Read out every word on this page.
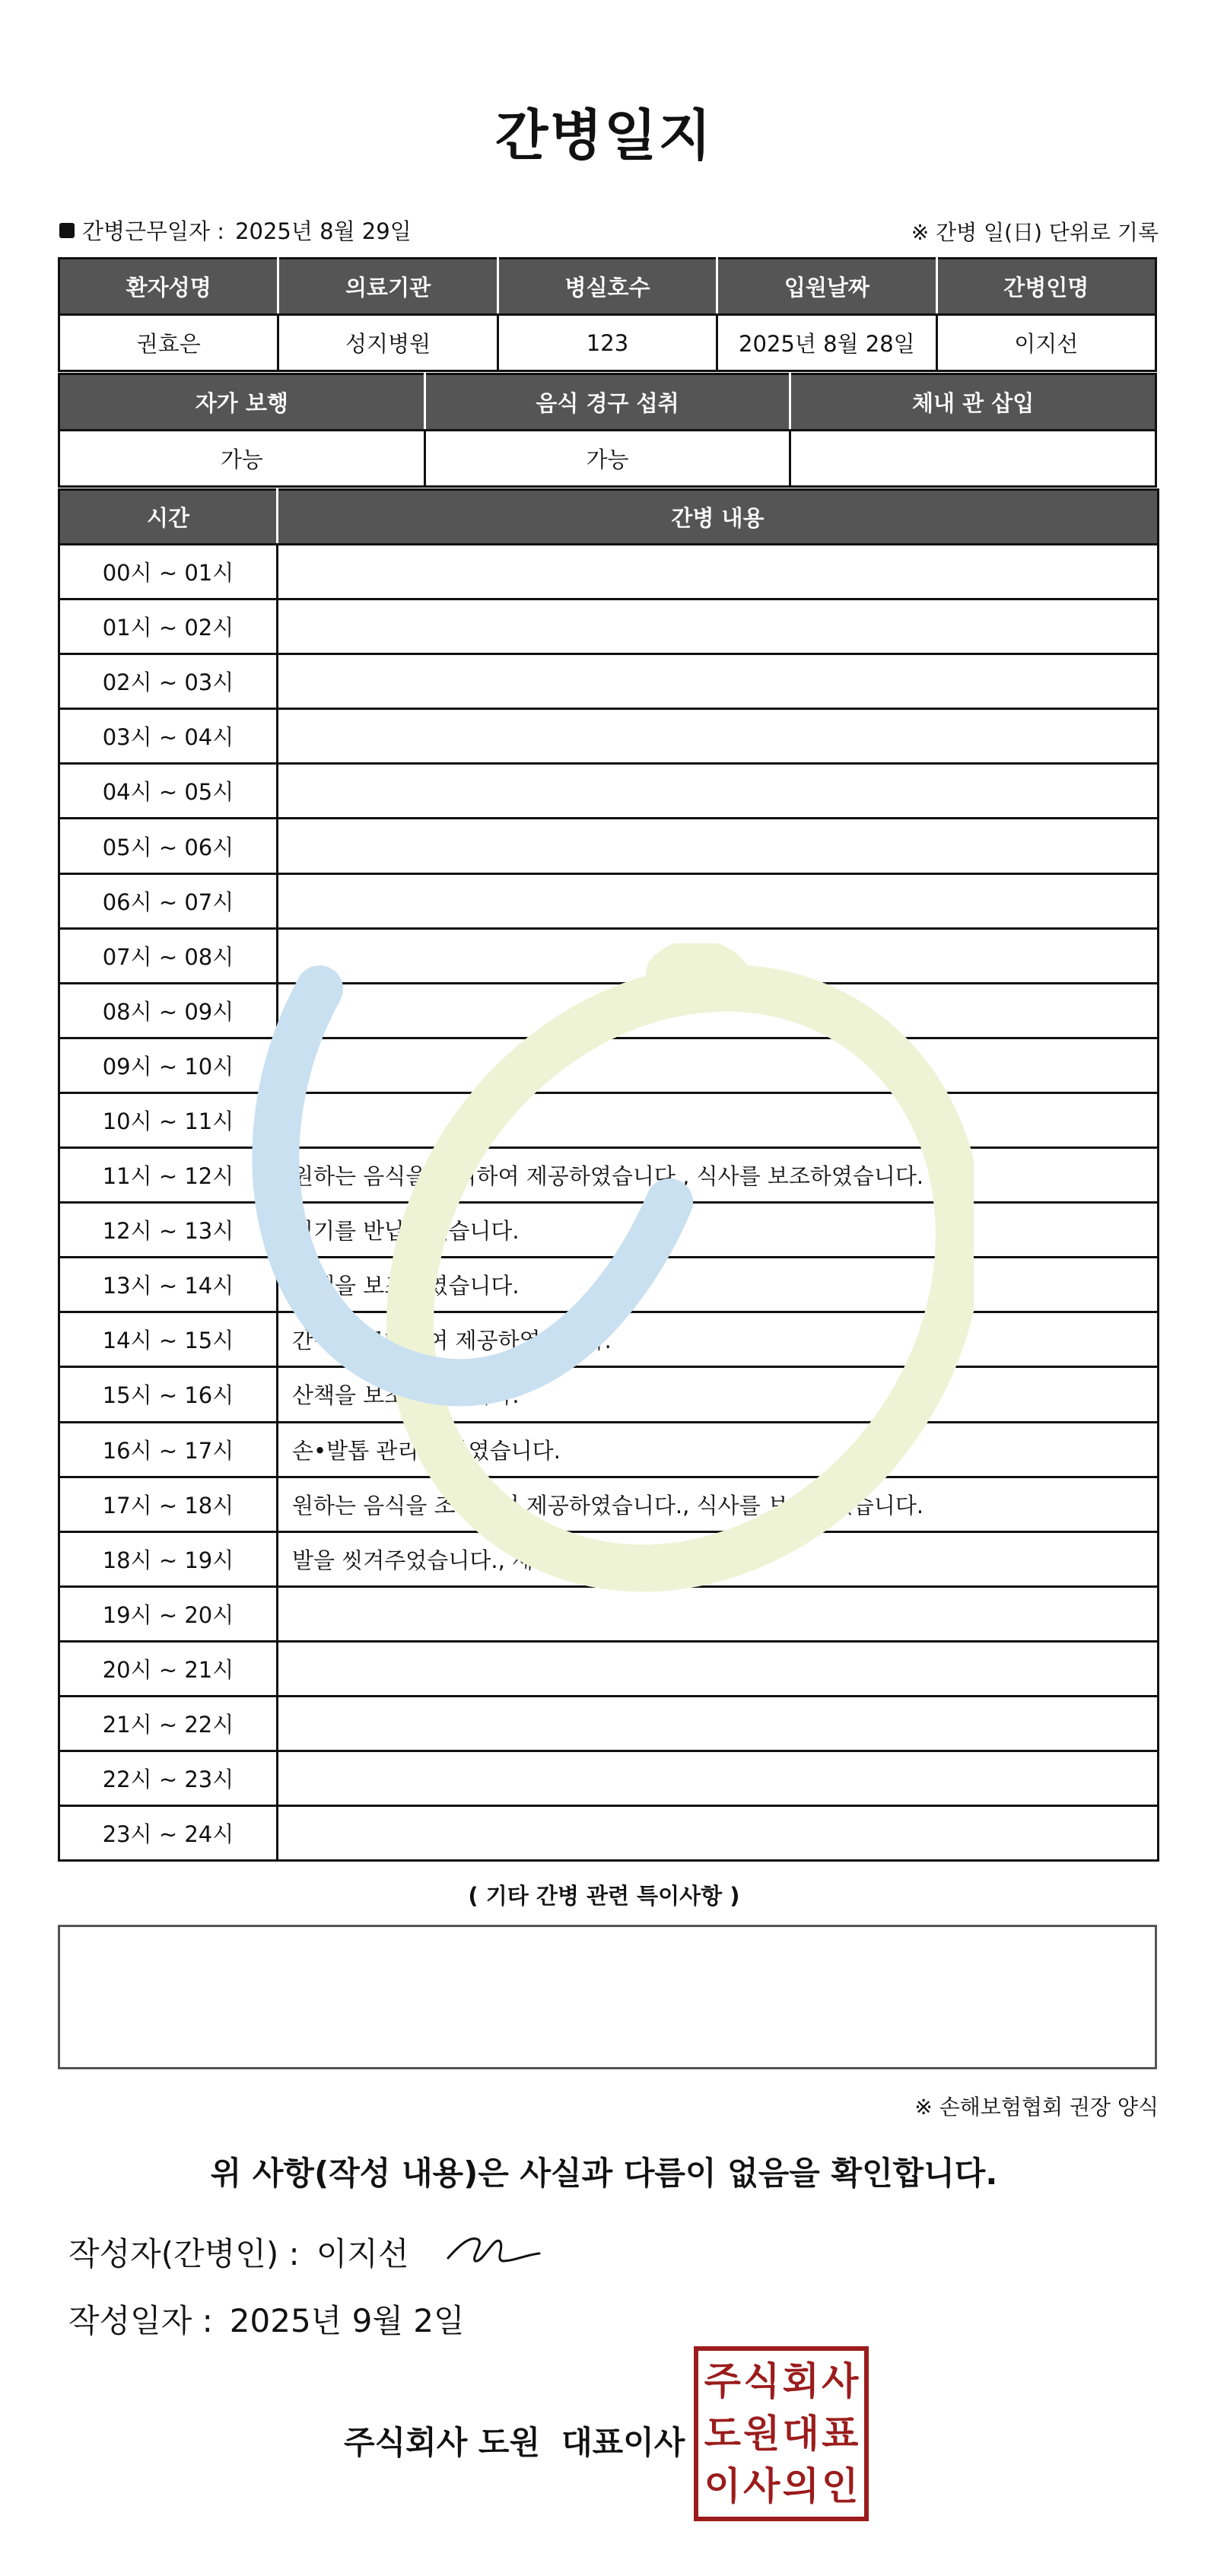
간병일지
간병근무일자 : 2025년 8월 29일	※ 간병 일(日) 단위로 기록
환자성명	의료기관	병실호수	입원날짜	간병인명
권효은	성지병원	123	2025년 8월 28일	이지선
자가 보행	음식 경구 섭취	체내 관 삽입
가능	가능	
시간	간병 내용
00시 ~ 01시	
01시 ~ 02시	
02시 ~ 03시	
03시 ~ 04시	
04시 ~ 05시	
05시 ~ 06시	
06시 ~ 07시	
07시 ~ 08시	
08시 ~ 09시	
09시 ~ 10시	
10시 ~ 11시	
11시 ~ 12시	원하는 음식을 조리하여 제공하였습니다., 식사를 보조하였습니다.
12시 ~ 13시	식기를 반납하였습니다.
13시 ~ 14시	산책을 보조하였습니다.
14시 ~ 15시	간식을 구매하여 제공하였습니다.
15시 ~ 16시	산책을 보조하였습니다.
16시 ~ 17시	손•발톱 관리를 하였습니다.
17시 ~ 18시	원하는 음식을 조리하여 제공하였습니다., 식사를 보조하였습니다.
18시 ~ 19시	발을 씻겨주었습니다., 세면을 보조하였습니다.
19시 ~ 20시	
20시 ~ 21시	
21시 ~ 22시	
22시 ~ 23시	
23시 ~ 24시	
( 기타 간병 관련 특이사항 )
※ 손해보험협회 권장 양식
위 사항(작성 내용)은 사실과 다름이 없음을 확인합니다.
작성자(간병인) : 이지선
작성일자 : 2025년 9월 2일
주식회사 도원 대표이사
주 식 회 사
도 원 대 표
이 사 의 인
